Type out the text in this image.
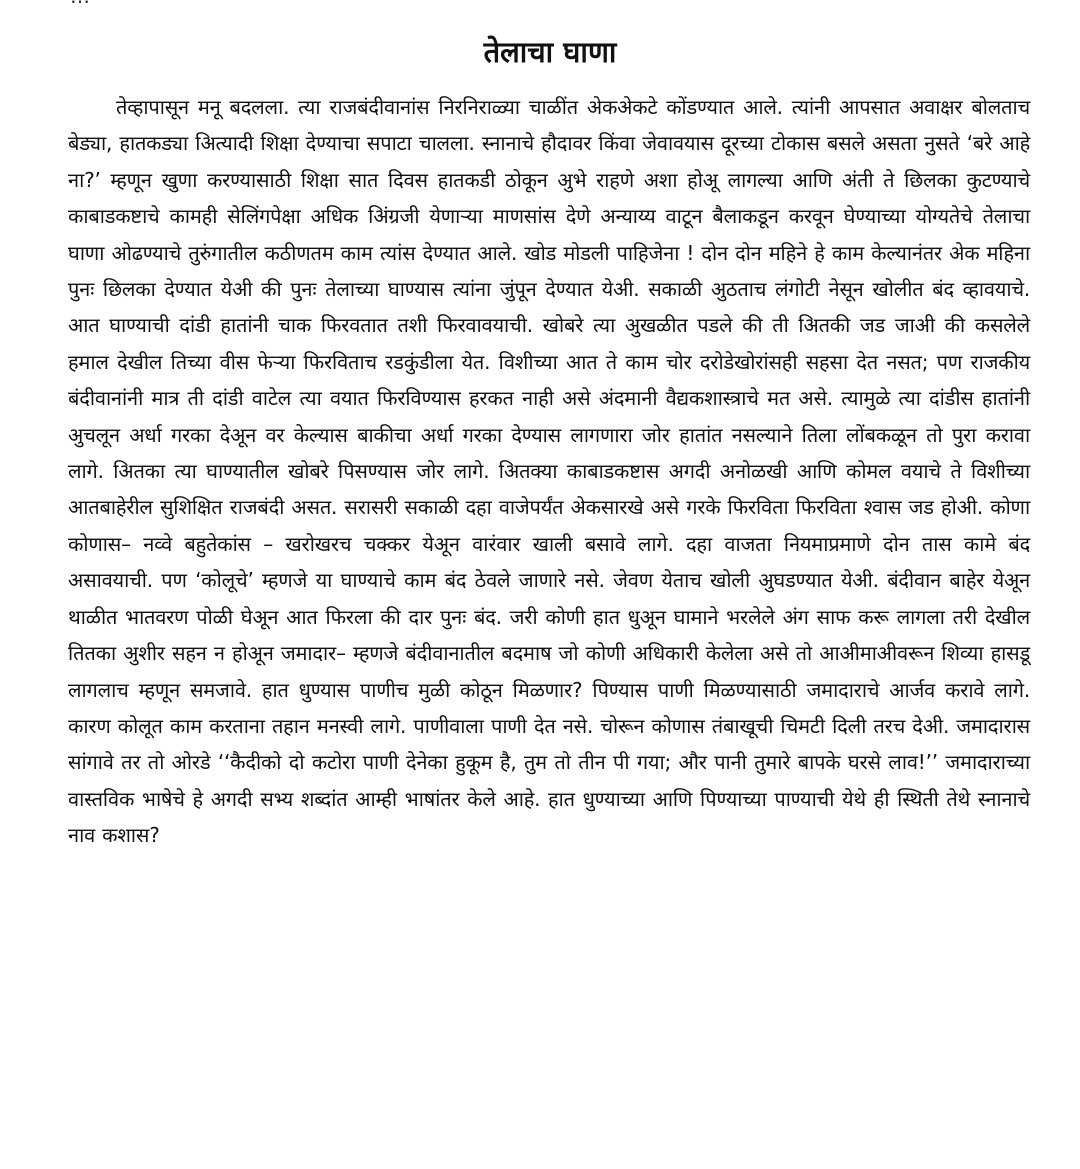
तेलाचा घाणा

तेव्हापासून मनू बदलला. त्या राजबंदीवानांस निरनिराळ्या चाळींत अेकअेकटे कोंडण्यात आले. त्यांनी आपसात अवाक्षर बोलताच बेड्या, हातकड्या अित्यादी शिक्षा देण्याचा सपाटा चालला. स्नानाचे हौदावर किंवा जेवावयास दूरच्या टोकास बसले असता नुसते ‘बरे आहे ना?’ म्हणून खुणा करण्यासाठी शिक्षा सात दिवस हातकडी ठोकून अुभे राहणे अशा होअू लागल्या आणि अंती ते छिलका कुटण्याचे काबाडकष्टाचे कामही सेलिंगपेक्षा अधिक अिंग्रजी येणाऱ्या माणसांस देणे अन्याय्य वाटून बैलाकडून करवून घेण्याच्या योग्यतेचे तेलाचा घाणा ओढण्याचे तुरुंगातील कठीणतम काम त्यांस देण्यात आले. खोड मोडली पाहिजेना ! दोन दोन महिने हे काम केल्यानंतर अेक महिना पुनः छिलका देण्यात येअी की पुनः तेलाच्या घाण्यास त्यांना जुंपून देण्यात येअी. सकाळी अुठताच लंगोटी नेसून खोलीत बंद व्हावयाचे. आत घाण्याची दांडी हातांनी चाक फिरवतात तशी फिरवावयाची. खोबरे त्या अुखळीत पडले की ती अितकी जड जाअी की कसलेले हमाल देखील तिच्या वीस फेऱ्या फिरविताच रडकुंडीला येत. विशीच्या आत ते काम चोर दरोडेखोरांसही सहसा देत नसत; पण राजकीय बंदीवानांनी मात्र ती दांडी वाटेल त्या वयात फिरविण्यास हरकत नाही असे अंदमानी वैद्यकशास्त्राचे मत असे. त्यामुळे त्या दांडीस हातांनी अुचलून अर्धा गरका देअून वर केल्यास बाकीचा अर्धा गरका देण्यास लागणारा जोर हातांत नसल्याने तिला लोंबकळून तो पुरा करावा लागे. अितका त्या घाण्यातील खोबरे पिसण्यास जोर लागे. अितक्या काबाडकष्टास अगदी अनोळखी आणि कोमल वयाचे ते विशीच्या आतबाहेरील सुशिक्षित राजबंदी असत. सरासरी सकाळी दहा वाजेपर्यंत अेकसारखे असे गरके फिरविता फिरविता श्वास जड होअी. कोणा कोणास– नव्वे बहुतेकांस – खरोखरच चक्कर येअून वारंवार खाली बसावे लागे. दहा वाजता नियमाप्रमाणे दोन तास कामे बंद असावयाची. पण ‘कोलूचे’ म्हणजे या घाण्याचे काम बंद ठेवले जाणारे नसे. जेवण येताच खोली अुघडण्यात येअी. बंदीवान बाहेर येअून थाळीत भातवरण पोळी घेअून आत फिरला की दार पुनः बंद. जरी कोणी हात धुअून घामाने भरलेले अंग साफ करू लागला तरी देखील तितका अुशीर सहन न होअून जमादार– म्हणजे बंदीवानातील बदमाष जो कोणी अधिकारी केलेला असे तो आअीमाअीवरून शिव्या हासडू लागलाच म्हणून समजावे. हात धुण्यास पाणीच मुळी कोठून मिळणार? पिण्यास पाणी मिळण्यासाठी जमादाराचे आर्जव करावे लागे. कारण कोलूत काम करताना तहान मनस्वी लागे. पाणीवाला पाणी देत नसे. चोरून कोणास तंबाखूची चिमटी दिली तरच देअी. जमादारास सांगावे तर तो ओरडे ‘‘कैदीको दो कटोरा पाणी देनेका हुकूम है, तुम तो तीन पी गया; और पानी तुमारे बापके घरसे लाव!’’ जमादाराच्या वास्तविक भाषेचे हे अगदी सभ्य शब्दांत आम्ही भाषांतर केले आहे. हात धुण्याच्या आणि पिण्याच्या पाण्याची येथे ही स्थिती तेथे स्नानाचे नाव कशास?
